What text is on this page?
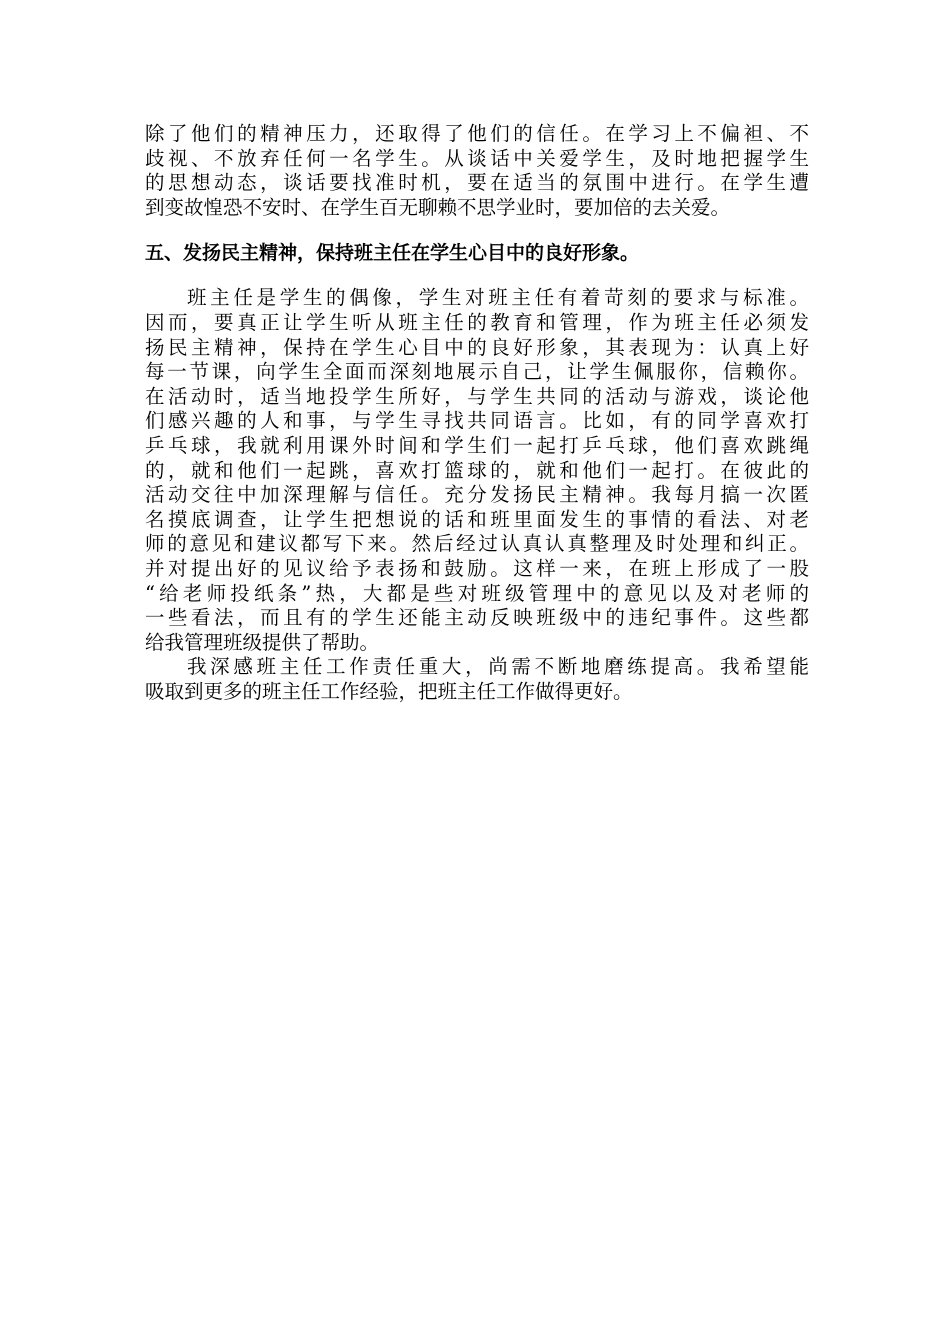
除了他们的精神压力，还取得了他们的信任。在学习上不偏袒、不
歧视、不放弃任何一名学生。从谈话中关爱学生，及时地把握学生
的思想动态，谈话要找准时机，要在适当的氛围中进行。在学生遭
到变故惶恐不安时、在学生百无聊赖不思学业时，要加倍的去关爱。
五、发扬民主精神，保持班主任在学生心目中的良好形象。
班主任是学生的偶像，学生对班主任有着苛刻的要求与标准。
因而，要真正让学生听从班主任的教育和管理，作为班主任必须发
扬民主精神，保持在学生心目中的良好形象，其表现为：认真上好
每一节课，向学生全面而深刻地展示自己，让学生佩服你，信赖你。
在活动时，适当地投学生所好，与学生共同的活动与游戏，谈论他
们感兴趣的人和事，与学生寻找共同语言。比如，有的同学喜欢打
乒乓球，我就利用课外时间和学生们一起打乒乓球，他们喜欢跳绳
的，就和他们一起跳，喜欢打篮球的，就和他们一起打。在彼此的
活动交往中加深理解与信任。充分发扬民主精神。我每月搞一次匿
名摸底调查，让学生把想说的话和班里面发生的事情的看法、对老
师的意见和建议都写下来。然后经过认真认真整理及时处理和纠正。
并对提出好的见议给予表扬和鼓励。这样一来，在班上形成了一股
“给老师投纸条”热，大都是些对班级管理中的意见以及对老师的
一些看法，而且有的学生还能主动反映班级中的违纪事件。这些都
给我管理班级提供了帮助。
我深感班主任工作责任重大，尚需不断地磨练提高。我希望能
吸取到更多的班主任工作经验，把班主任工作做得更好。
